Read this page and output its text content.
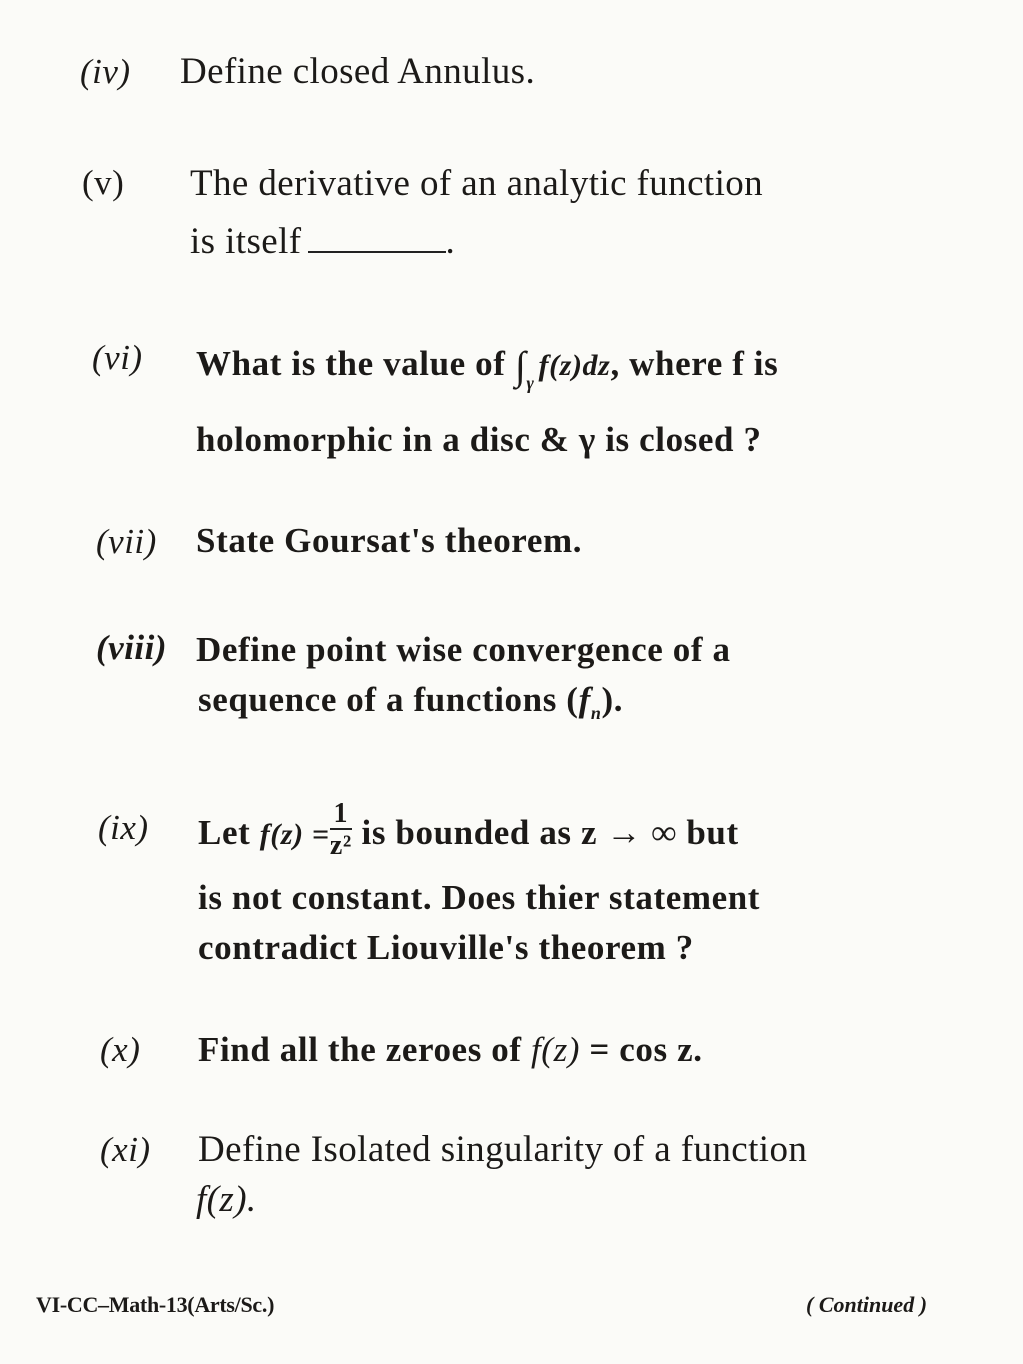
(iv) Define closed Annulus.
(v) The derivative of an analytic function
is itself	.
(vi) What is the value of $\int_\gamma f(z)dz$, where f is
holomorphic in a disc & γ is closed ?
(vii) State Goursat's theorem.
(viii) Define point wise convergence of a
sequence of a functions $(f_n)$.
(ix) Let $f(z) = \frac{1}{\text{z²}}$ is bounded as z → ∞ but
is not constant. Does thier statement
contradict Liouville's theorem ?
(x) Find all the zeroes of f(z) = cos z.
(xi) Define Isolated singularity of a function
f(z).
VI-CC–Math-13(Arts/Sc.)	( Continued )
